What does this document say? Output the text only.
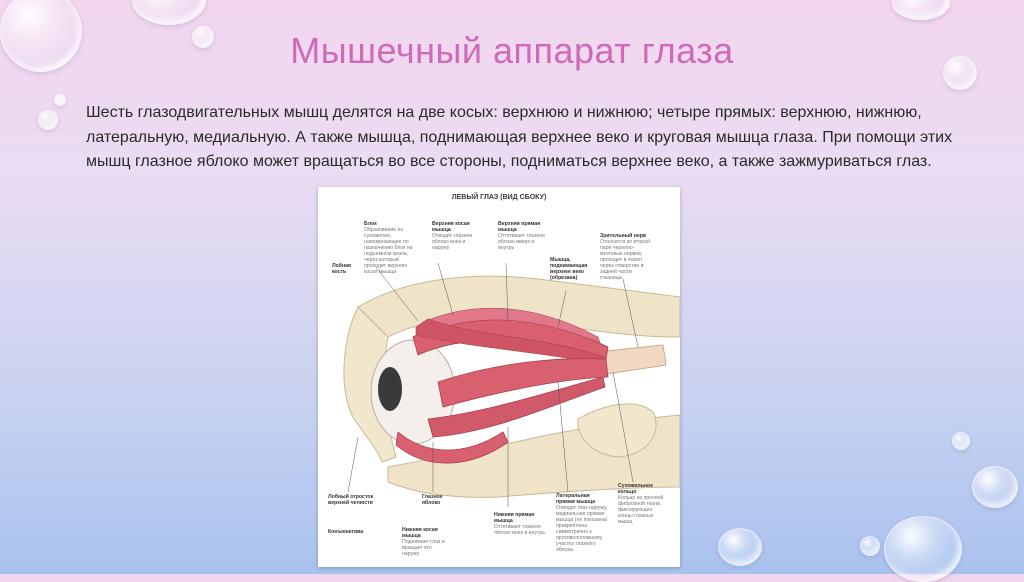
Мышечный аппарат глаза
Шесть глазодвигательных мышц делятся на две косых: верхнюю и нижнюю; четыре прямых: верхнюю, нижнюю, латеральную, медиальную. А также мышца, поднимающая верхнее веко и круговая мышца глаза. При помощи этих мышц глазное яблоко может вращаться во все стороны, подниматься верхнее веко, а также зажмуриваться глаз.
ЛЕВЫЙ ГЛАЗ (ВИД СБОКУ)
Блок
Образование из сухожилия, напоминающее по назначению блок на подъемном кране, через который проходит верхняя косая мышца
Лобная кость
Верхняя косая мышца
Отводит глазное яблоко вниз и наружу
Верхняя прямая мышца
Оттягивает глазное яблоко вверх и внутрь
Мышца, поднимающая верхнее веко (обрезана)
Зрительный нерв
Относится ко второй паре черепно-мозговых нервов, проходит в череп через отверстие в задней части глазницы
Лобный отросток верхней челюсти
Конъюнктива
Глазное яблоко
Нижняя косая мышца
Поднимает глаз и вращает его наружу
Нижняя прямая мышца
Оттягивает глазное яблоко вниз и внутрь
Латеральная прямая мышца
Отводит глаз наружу, медиальная прямая мышца (не показана) прикреплена симметрично к противоположному участку глазного яблока
Сухожильное кольцо
Кольцо из прочной фиброзной ткани, фиксирующее концы глазных мышц
